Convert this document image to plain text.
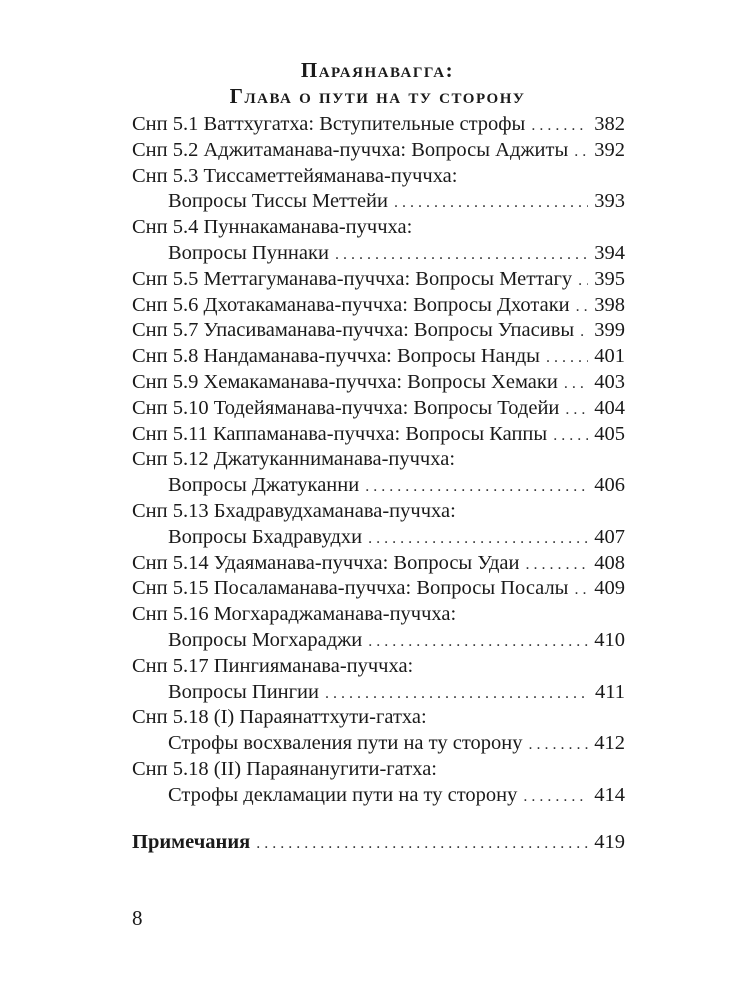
Параянавагга:
Глава о пути на ту сторону
Снп 5.1 Ваттхугатха: Вступительные строфы . . .	382
Снп 5.2 Аджитаманава-пуччха: Вопросы Аджиты . . . 392
Снп 5.3 Тиссаметтейяманава-пуччха:
Вопросы Тиссы Меттейи . . .	393
Снп 5.4 Пуннакаманава-пуччха:
Вопросы Пуннаки . . .	394
Снп 5.5 Меттагуманава-пуччха: Вопросы Меттагу . . . 395
Снп 5.6 Дхотакаманава-пуччха: Вопросы Дхотаки . . . 398
Снп 5.7 Упасиваманава-пуччха: Вопросы Упасивы . . . 399
Снп 5.8 Нандаманава-пуччха: Вопросы Нанды . . .	401
Снп 5.9 Хемакаманава-пуччха: Вопросы Хемаки . . . 403
Снп 5.10 Тодейяманава-пуччха: Вопросы Тодейи . . . 404
Снп 5.11 Каппаманава-пуччха: Вопросы Каппы . . . 405
Снп 5.12 Джатуканниманава-пуччха:
Вопросы Джатуканни . . .	406
Снп 5.13 Бхадравудхаманава-пуччха:
Вопросы Бхадравудхи . . .	407
Снп 5.14 Удаяманава-пуччха: Вопросы Удаи . . .	408
Снп 5.15 Посаламанава-пуччха: Вопросы Посалы . . . 409
Снп 5.16 Могхараджаманава-пуччха:
Вопросы Могхараджи . . .	410
Снп 5.17 Пингияманава-пуччха:
Вопросы Пингии . . .	411
Снп 5.18 (I) Параянаттхути-гатха:
Строфы восхваления пути на ту сторону . . .	412
Снп 5.18 (II) Параянанугити-гатха:
Строфы декламации пути на ту сторону . . .	414
Примечания . . .	419
8
